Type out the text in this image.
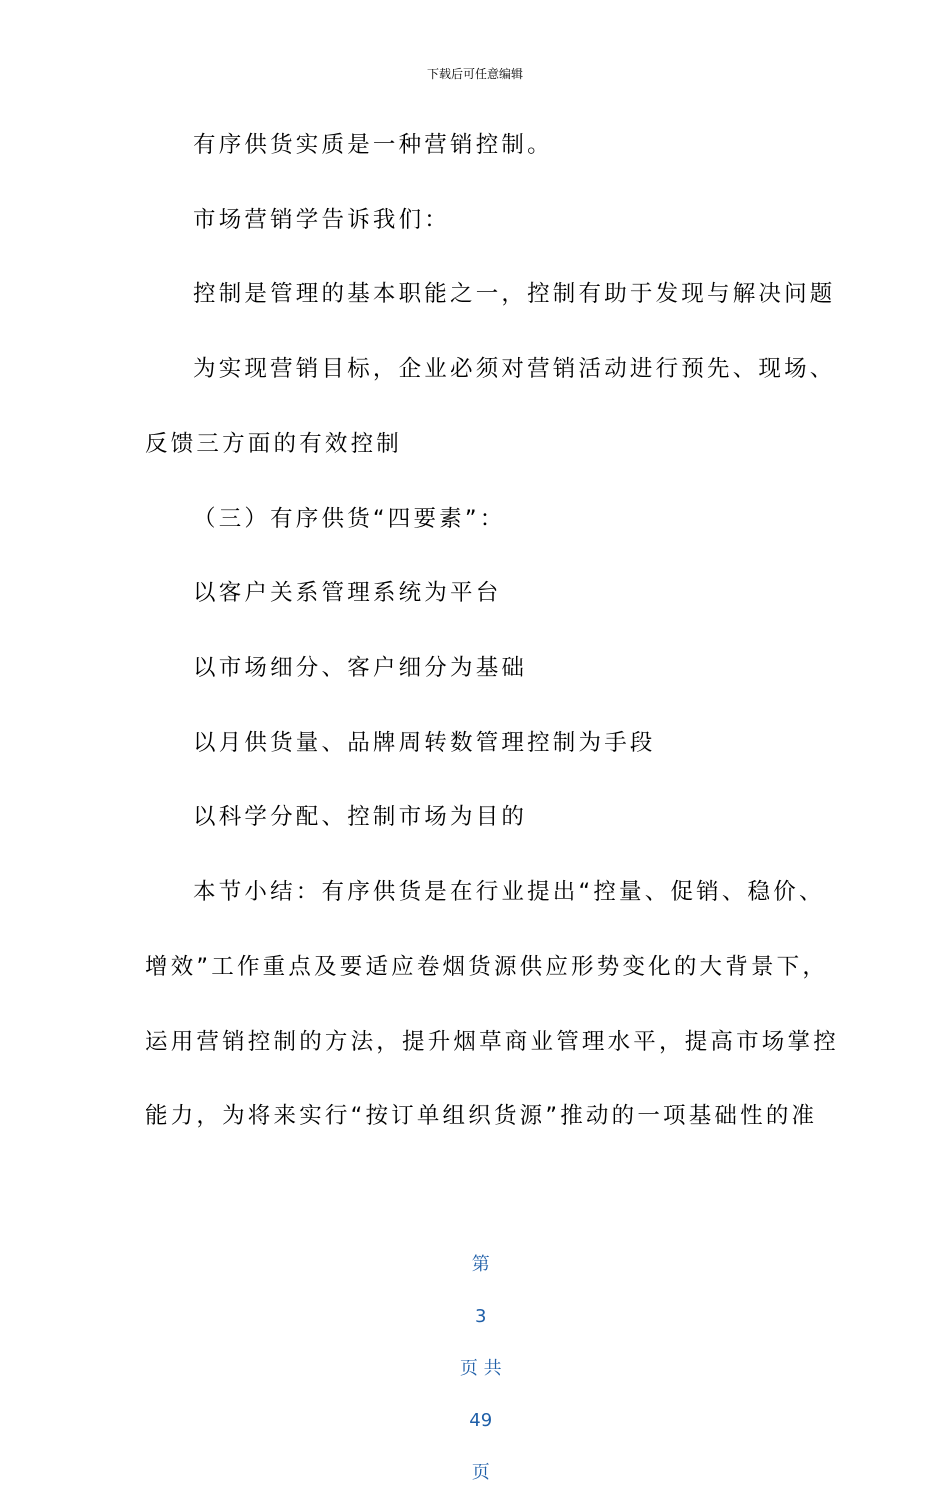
下载后可任意编辑
有序供货实质是一种营销控制。
市场营销学告诉我们：
控制是管理的基本职能之一，控制有助于发现与解决问题
为实现营销目标，企业必须对营销活动进行预先、现场、
反馈三方面的有效控制
（三）有序供货“四要素”：
以客户关系管理系统为平台
以市场细分、客户细分为基础
以月供货量、品牌周转数管理控制为手段
以科学分配、控制市场为目的
本节小结：有序供货是在行业提出“控量、促销、稳价、
增效”工作重点及要适应卷烟货源供应形势变化的大背景下，
运用营销控制的方法，提升烟草商业管理水平，提高市场掌控
能力，为将来实行“按订单组织货源”推动的一项基础性的准

第

3

页 共

49

页
